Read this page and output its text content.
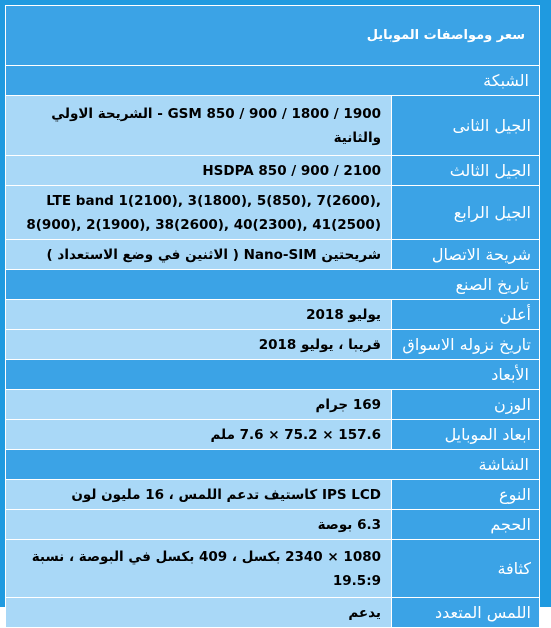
سعر ومواصفات الموبايل	
الشبكة	
الجيل الثانى	GSM 850 / 900 / 1800 / 1900 - الشريحة الاولي والثانية
الجيل الثالث	HSDPA 850 / 900 / 2100
الجيل الرابع	LTE band 1(2100), 3(1800), 5(850), 7(2600), 8(900), 2(1900), 38(2600), 40(2300), 41(2500)
شريحة الاتصال	شريحتين Nano-SIM ( الاثنين في وضع الاستعداد )
تاريخ الصنع	
أعلن	يوليو 2018
تاريخ نزوله الاسواق	قريبا ، يوليو 2018
الأبعاد	
الوزن	169 جرام
ابعاد الموبايل	157.6 × 75.2 × 7.6 ملم
الشاشة	
النوع	IPS LCD كاستيف تدعم اللمس ، 16 مليون لون
الحجم	6.3 بوصة
كثافة	1080 × 2340 بكسل ، 409 بكسل في البوصة ، نسبة 19.5:9
اللمس المتعدد	يدعم
